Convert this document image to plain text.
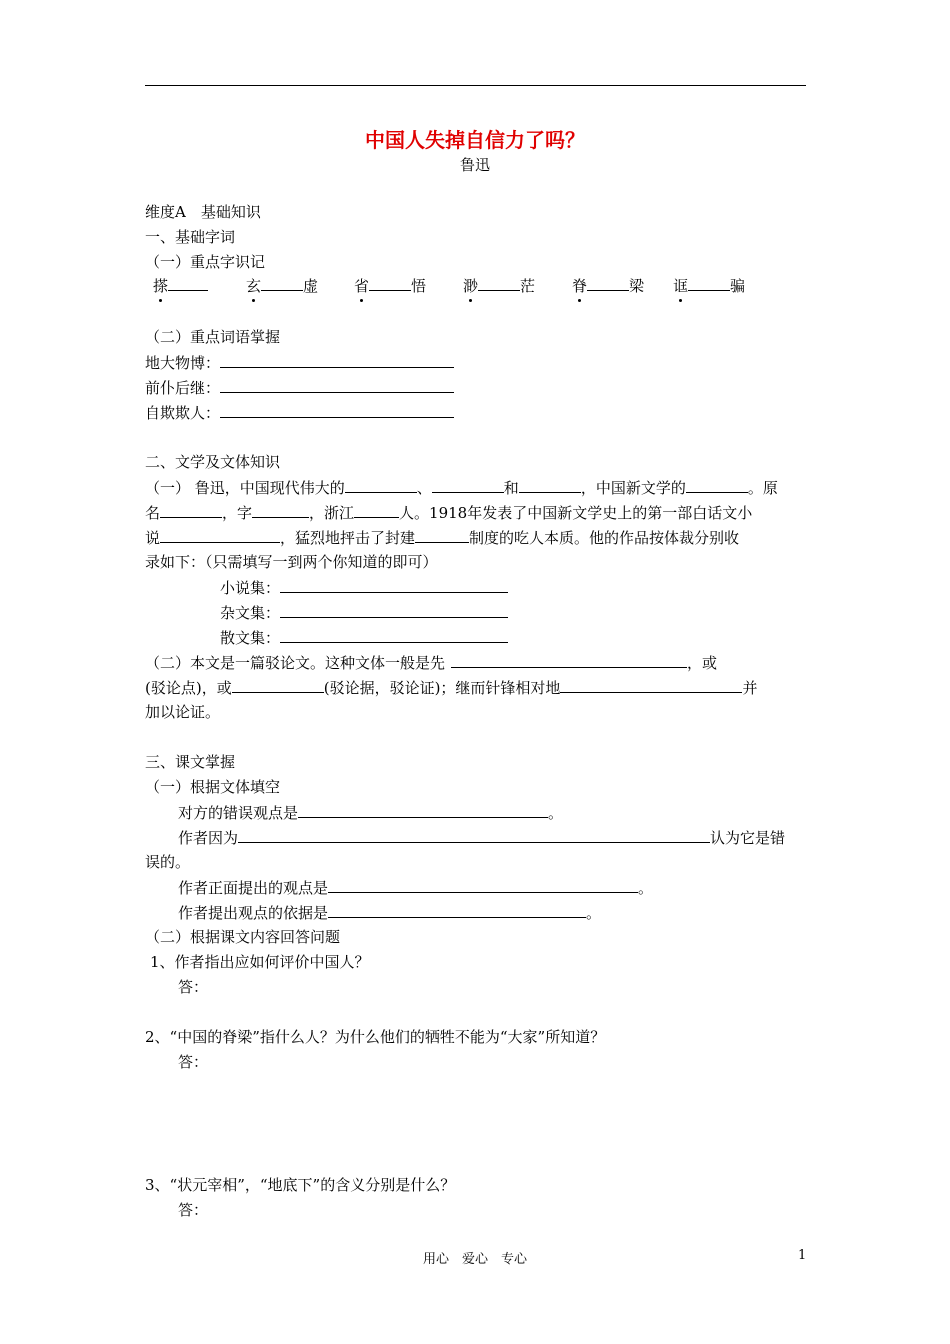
中国人失掉自信力了吗？
鲁迅
维度A　基础知识
一、基础字词
（一）重点字识记
搽	玄	虚 省	悟 渺	茫 脊	梁 诓	骗
（二）重点词语掌握
地大物博：
前仆后继：
自欺欺人：
二、文学及文体知识
（一） 鲁迅，中国现代伟大的	、	和	，中国新文学的	。原
名	，字	，浙江	人。1918年发表了中国新文学史上的第一部白话文小
说	，猛烈地抨击了封建	制度的吃人本质。他的作品按体裁分别收
录如下：（只需填写一到两个你知道的即可）
小说集：
杂文集：
散文集：
（二）本文是一篇驳论文。这种文体一般是先	，或
(驳论点)，或	(驳论据，驳论证)；继而针锋相对地	并
加以论证。
三、课文掌握
（一）根据文体填空
对方的错误观点是	。
作者因为	认为它是错
误的。
作者正面提出的观点是	。
作者提出观点的依据是	。
（二）根据课文内容回答问题
1、作者指出应如何评价中国人？
答：
2、“中国的脊梁”指什么人？为什么他们的牺牲不能为“大家”所知道？
答：
3、“状元宰相”，“地底下”的含义分别是什么？
答：
用心　爱心　专心	1
